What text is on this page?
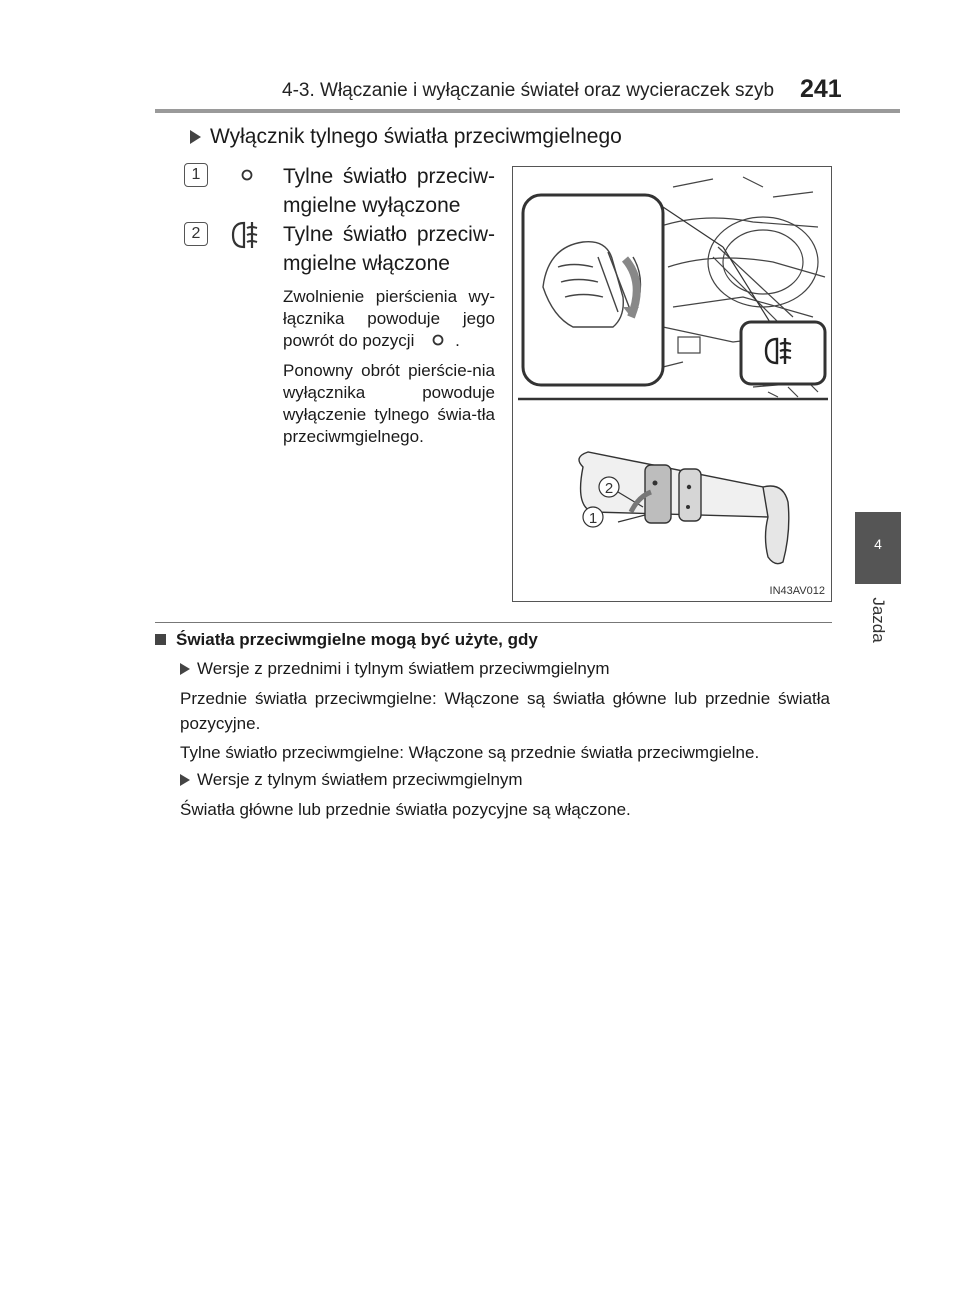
4-3. Włączanie i wyłączanie świateł oraz wycieraczek szyb 241
4
Jazda
Wyłącznik tylnego światła przeciwmgielnego
1	Tylne światło przeciw-mgielne wyłączone
2	Tylne światło przeciw-mgielne włączone
Zwolnienie pierścienia wy-łącznika powoduje jego powrót do pozycji .
Ponowny obrót pierście-nia wyłącznika powoduje wyłączenie tylnego świa-tła przeciwmgielnego.
2
1
IN43AV012
Światła przeciwmgielne mogą być użyte, gdy
Wersje z przednimi i tylnym światłem przeciwmgielnym
Przednie światła przeciwmgielne: Włączone są światła główne lub przednie światła pozycyjne.
Tylne światło przeciwmgielne: Włączone są przednie światła przeciwmgielne.
Wersje z tylnym światłem przeciwmgielnym
Światła główne lub przednie światła pozycyjne są włączone.
